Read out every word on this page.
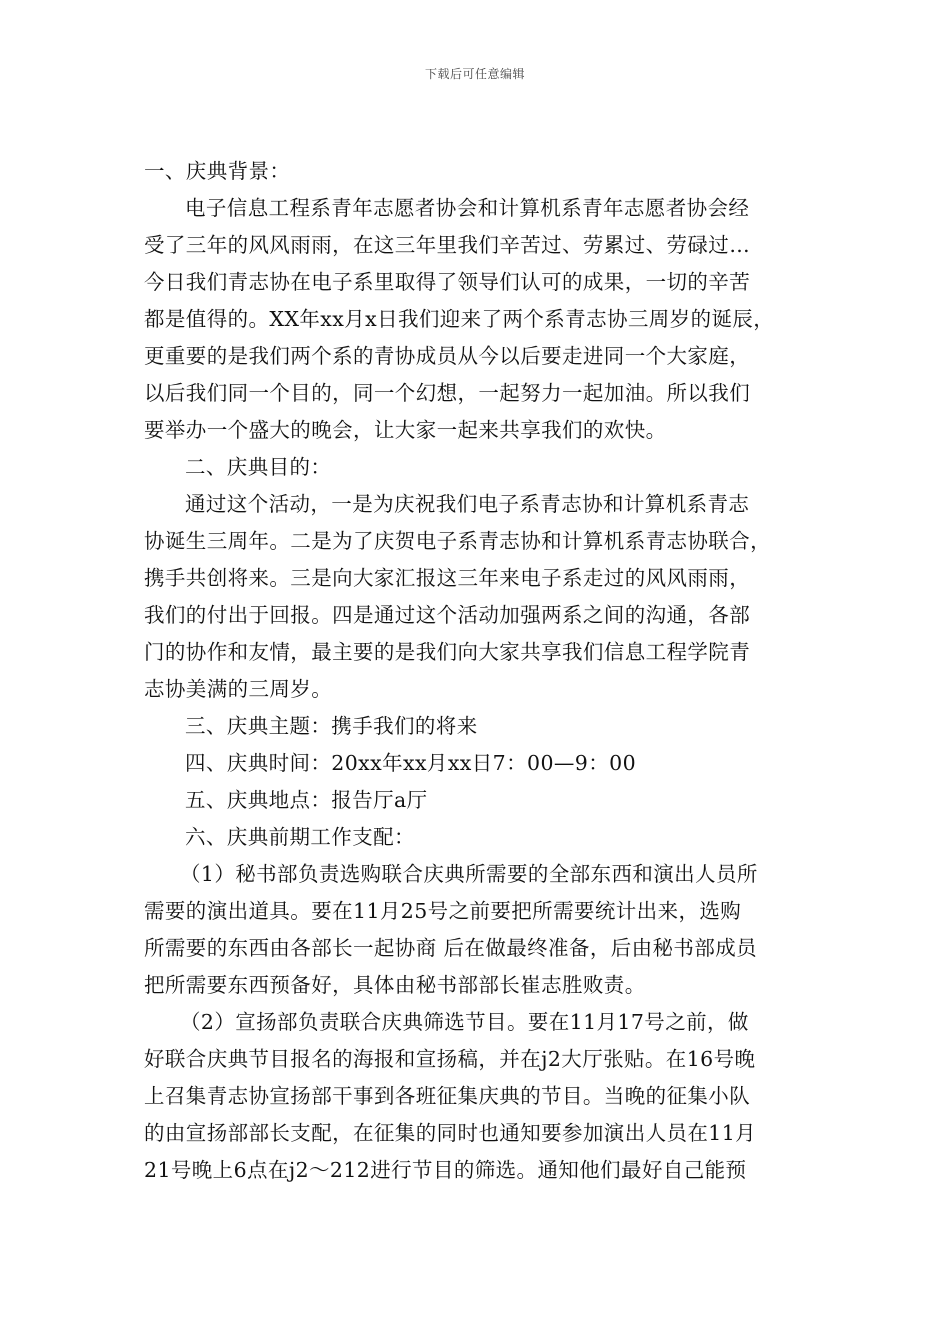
下载后可任意编辑
一、庆典背景：
电子信息工程系青年志愿者协会和计算机系青年志愿者协会经
受了三年的风风雨雨，在这三年里我们辛苦过、劳累过、劳碌过…
今日我们青志协在电子系里取得了领导们认可的成果，一切的辛苦
都是值得的。XX年xx月x日我们迎来了两个系青志协三周岁的诞辰，
更重要的是我们两个系的青协成员从今以后要走进同一个大家庭，
以后我们同一个目的，同一个幻想，一起努力一起加油。所以我们
要举办一个盛大的晚会，让大家一起来共享我们的欢快。
二、庆典目的：
通过这个活动，一是为庆祝我们电子系青志协和计算机系青志
协诞生三周年。二是为了庆贺电子系青志协和计算机系青志协联合，
携手共创将来。三是向大家汇报这三年来电子系走过的风风雨雨，
我们的付出于回报。四是通过这个活动加强两系之间的沟通，各部
门的协作和友情，最主要的是我们向大家共享我们信息工程学院青
志协美满的三周岁。
三、庆典主题：携手我们的将来
四、庆典时间：20xx年xx月xx日7：00—9：00
五、庆典地点：报告厅a厅
六、庆典前期工作支配：
（1）秘书部负责选购联合庆典所需要的全部东西和演出人员所
需要的演出道具。要在11月25号之前要把所需要统计出来，选购
所需要的东西由各部长一起协商 后在做最终准备，后由秘书部成员
把所需要东西预备好，具体由秘书部部长崔志胜败责。
（2）宣扬部负责联合庆典筛选节目。要在11月17号之前，做
好联合庆典节目报名的海报和宣扬稿，并在j2大厅张贴。在16号晚
上召集青志协宣扬部干事到各班征集庆典的节目。当晚的征集小队
的由宣扬部部长支配，在征集的同时也通知要参加演出人员在11月
21号晚上6点在j2～212进行节目的筛选。通知他们最好自己能预
